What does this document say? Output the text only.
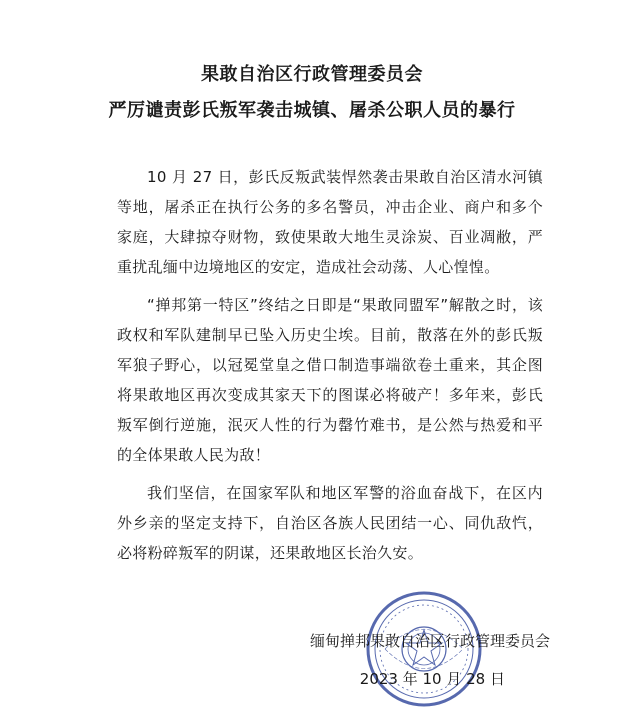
果敢自治区行政管理委员会
严厉谴责彭氏叛军袭击城镇、屠杀公职人员的暴行

10 月 27 日，彭氏反叛武装悍然袭击果敢自治区清水河镇等地，屠杀正在执行公务的多名警员，冲击企业、商户和多个家庭，大肆掠夺财物，致使果敢大地生灵涂炭、百业凋敝，严重扰乱缅中边境地区的安定，造成社会动荡、人心惶惶。

“掸邦第一特区”终结之日即是“果敢同盟军”解散之时，该政权和军队建制早已坠入历史尘埃。目前，散落在外的彭氏叛军狼子野心，以冠冕堂皇之借口制造事端欲卷土重来，其企图将果敢地区再次变成其家天下的图谋必将破产！多年来，彭氏叛军倒行逆施，泯灭人性的行为罄竹难书，是公然与热爱和平的全体果敢人民为敌！

我们坚信，在国家军队和地区军警的浴血奋战下，在区内外乡亲的坚定支持下，自治区各族人民团结一心、同仇敌忾，必将粉碎叛军的阴谋，还果敢地区长治久安。

缅甸掸邦果敢自治区行政管理委员会

2023 年 10 月 28 日
